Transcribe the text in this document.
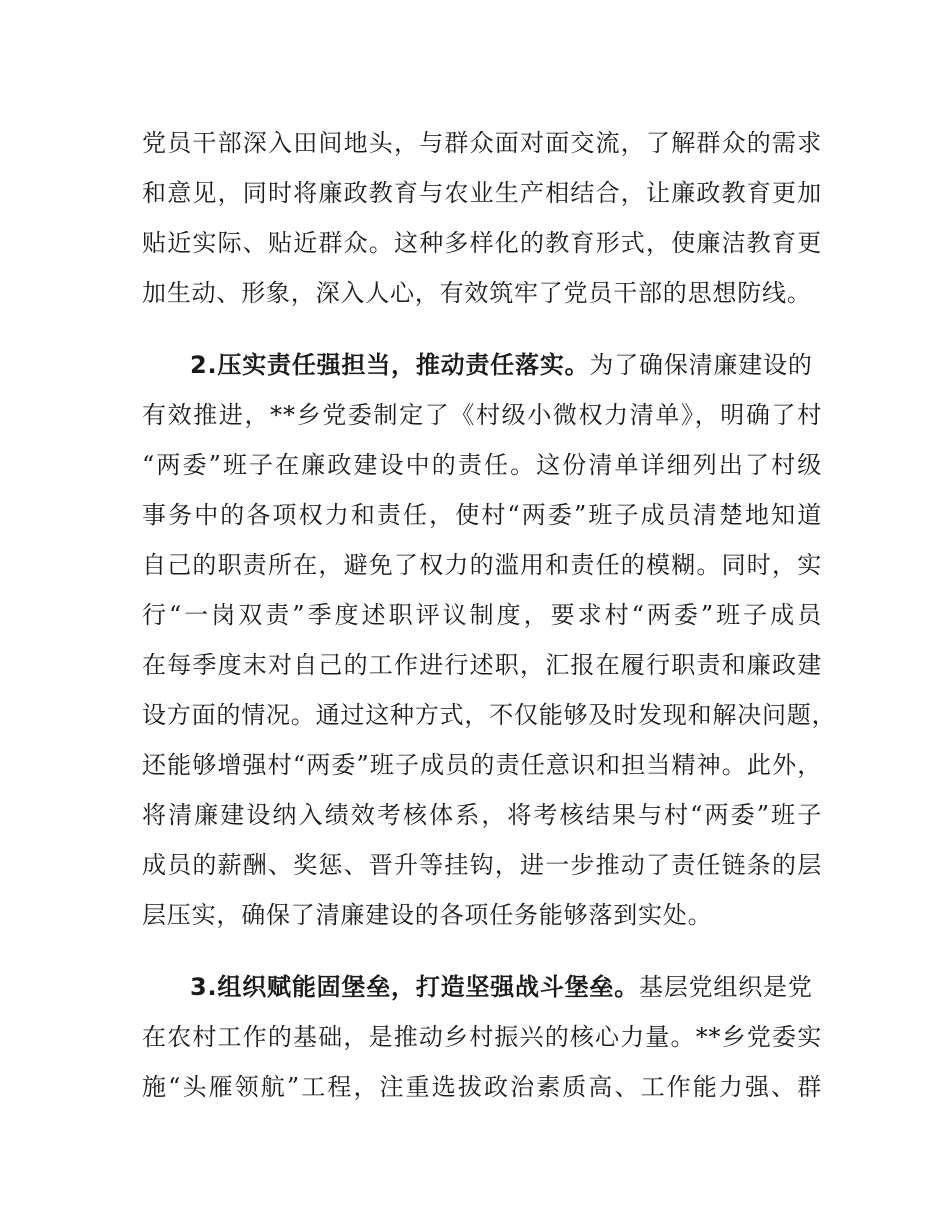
党员干部深入田间地头，与群众面对面交流，了解群众的需求
和意见，同时将廉政教育与农业生产相结合，让廉政教育更加
贴近实际、贴近群众。这种多样化的教育形式，使廉洁教育更
加生动、形象，深入人心，有效筑牢了党员干部的思想防线。
2.压实责任强担当，推动责任落实。为了确保清廉建设的
有效推进，**乡党委制定了《村级小微权力清单》，明确了村
“两委”班子在廉政建设中的责任。这份清单详细列出了村级
事务中的各项权力和责任，使村“两委”班子成员清楚地知道
自己的职责所在，避免了权力的滥用和责任的模糊。同时，实
行“一岗双责”季度述职评议制度，要求村“两委”班子成员
在每季度末对自己的工作进行述职，汇报在履行职责和廉政建
设方面的情况。通过这种方式，不仅能够及时发现和解决问题，
还能够增强村“两委”班子成员的责任意识和担当精神。此外，
将清廉建设纳入绩效考核体系，将考核结果与村“两委”班子
成员的薪酬、奖惩、晋升等挂钩，进一步推动了责任链条的层
层压实，确保了清廉建设的各项任务能够落到实处。
3.组织赋能固堡垒，打造坚强战斗堡垒。基层党组织是党
在农村工作的基础，是推动乡村振兴的核心力量。**乡党委实
施“头雁领航”工程，注重选拔政治素质高、工作能力强、群
